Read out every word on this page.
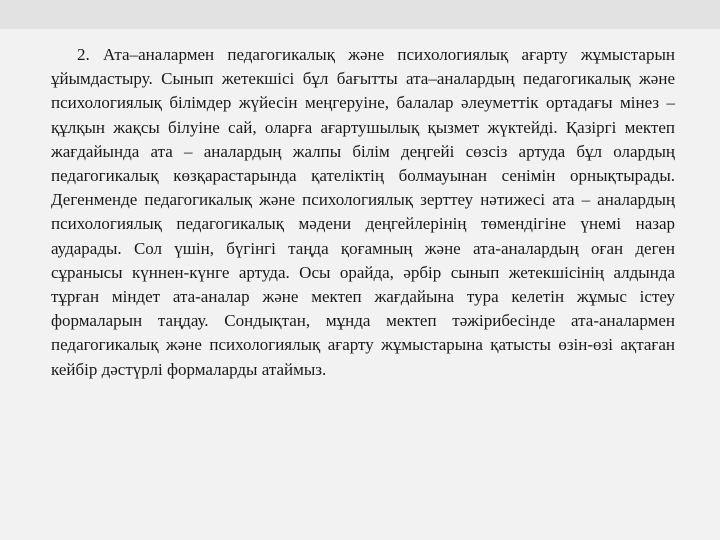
2. Ата–аналармен педагогикалық және психологиялық ағарту жұмыстарын ұйымдастыру. Сынып жетекшісі бұл бағытты ата–аналардың педагогикалық және психологиялық білімдер жүйесін меңгеруіне, балалар әлеуметтік ортадағы мінез – құлқын жақсы білуіне сай, оларға ағартушылық қызмет жүктейді. Қазіргі мектеп жағдайында ата – аналардың жалпы білім деңгейі сөзсіз артуда бұл олардың педагогикалық көзқарастарында қателіктің болмауынан сенімін орнықтырады. Дегенменде педагогикалық және психологиялық зерттеу нәтижесі ата – аналардың психологиялық педагогикалық мәдени деңгейлерінің төмендігіне үнемі назар аударады. Сол үшін, бүгінгі таңда қоғамның және ата-аналардың оған деген сұранысы күннен-күнге артуда. Осы орайда, әрбір сынып жетекшісінің алдында тұрған міндет ата-аналар және мектеп жағдайына тура келетін жұмыс істеу формаларын таңдау. Сондықтан, мұнда мектеп тәжірибесінде ата-аналармен педагогикалық және психологиялық ағарту жұмыстарына қатысты өзін-өзі ақтаған кейбір дәстүрлі формаларды атаймыз.
